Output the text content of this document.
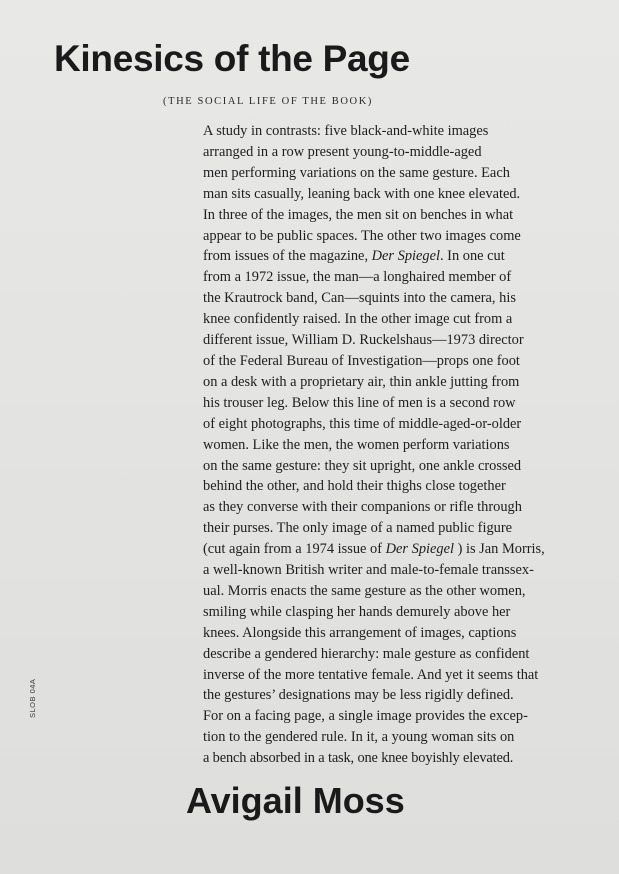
Kinesics of the Page
(THE SOCIAL LIFE OF THE BOOK)
A study in contrasts: five black-and-white images
arranged in a row present young-to-middle-aged
men performing variations on the same gesture. Each
man sits casually, leaning back with one knee elevated.
In three of the images, the men sit on benches in what
appear to be public spaces. The other two images come
from issues of the magazine, Der Spiegel. In one cut
from a 1972 issue, the man—a longhaired member of
the Krautrock band, Can—squints into the camera, his
knee confidently raised. In the other image cut from a
different issue, William D. Ruckelshaus—1973 director
of the Federal Bureau of Investigation—props one foot
on a desk with a proprietary air, thin ankle jutting from
his trouser leg. Below this line of men is a second row
of eight photographs, this time of middle-aged-or-older
women. Like the men, the women perform variations
on the same gesture: they sit upright, one ankle crossed
behind the other, and hold their thighs close together
as they converse with their companions or rifle through
their purses. The only image of a named public figure
(cut again from a 1974 issue of Der Spiegel ) is Jan Morris,
a well-known British writer and male-to-female transsex-
ual. Morris enacts the same gesture as the other women,
smiling while clasping her hands demurely above her
knees. Alongside this arrangement of images, captions
describe a gendered hierarchy: male gesture as confident
inverse of the more tentative female. And yet it seems that
the gestures’ designations may be less rigidly defined.
For on a facing page, a single image provides the excep-
tion to the gendered rule. In it, a young woman sits on
a bench absorbed in a task, one knee boyishly elevated.
Avigail Moss
SLOB 04A
